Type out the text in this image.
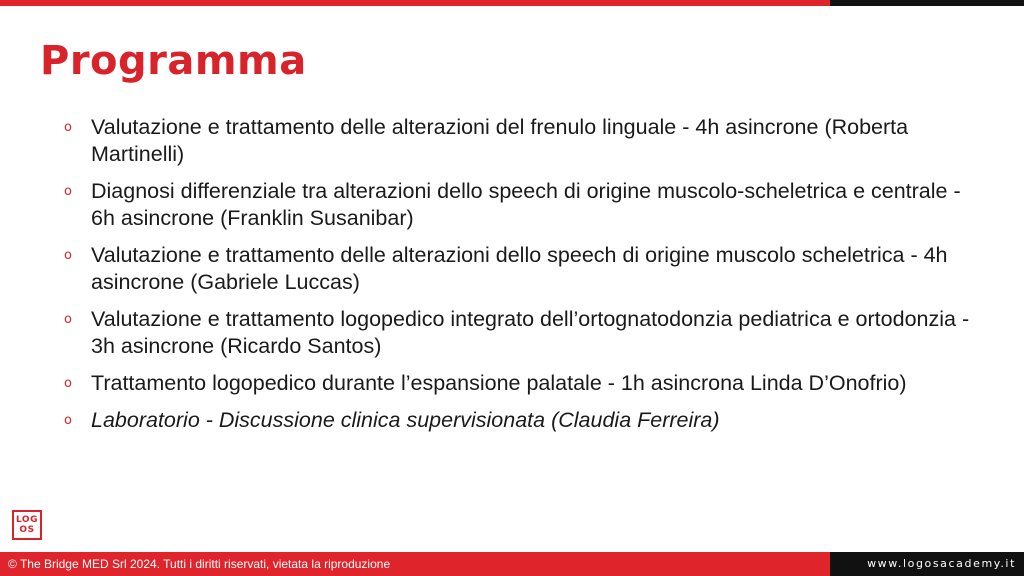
Programma
o Valutazione e trattamento delle alterazioni del frenulo linguale - 4h asincrone (Roberta Martinelli)
o Diagnosi differenziale tra alterazioni dello speech di origine muscolo-scheletrica e centrale - 6h asincrone (Franklin Susanibar)
o Valutazione e trattamento delle alterazioni dello speech di origine muscolo scheletrica - 4h asincrone (Gabriele Luccas)
o Valutazione e trattamento logopedico integrato dell’ortognatodonzia pediatrica e ortodonzia - 3h asincrone (Ricardo Santos)
o Trattamento logopedico durante l’espansione palatale - 1h asincrona Linda D’Onofrio)
o Laboratorio - Discussione clinica supervisionata (Claudia Ferreira)
LOG
OS
© The Bridge MED Srl 2024. Tutti i diritti riservati, vietata la riproduzione	www.logosacademy.it
